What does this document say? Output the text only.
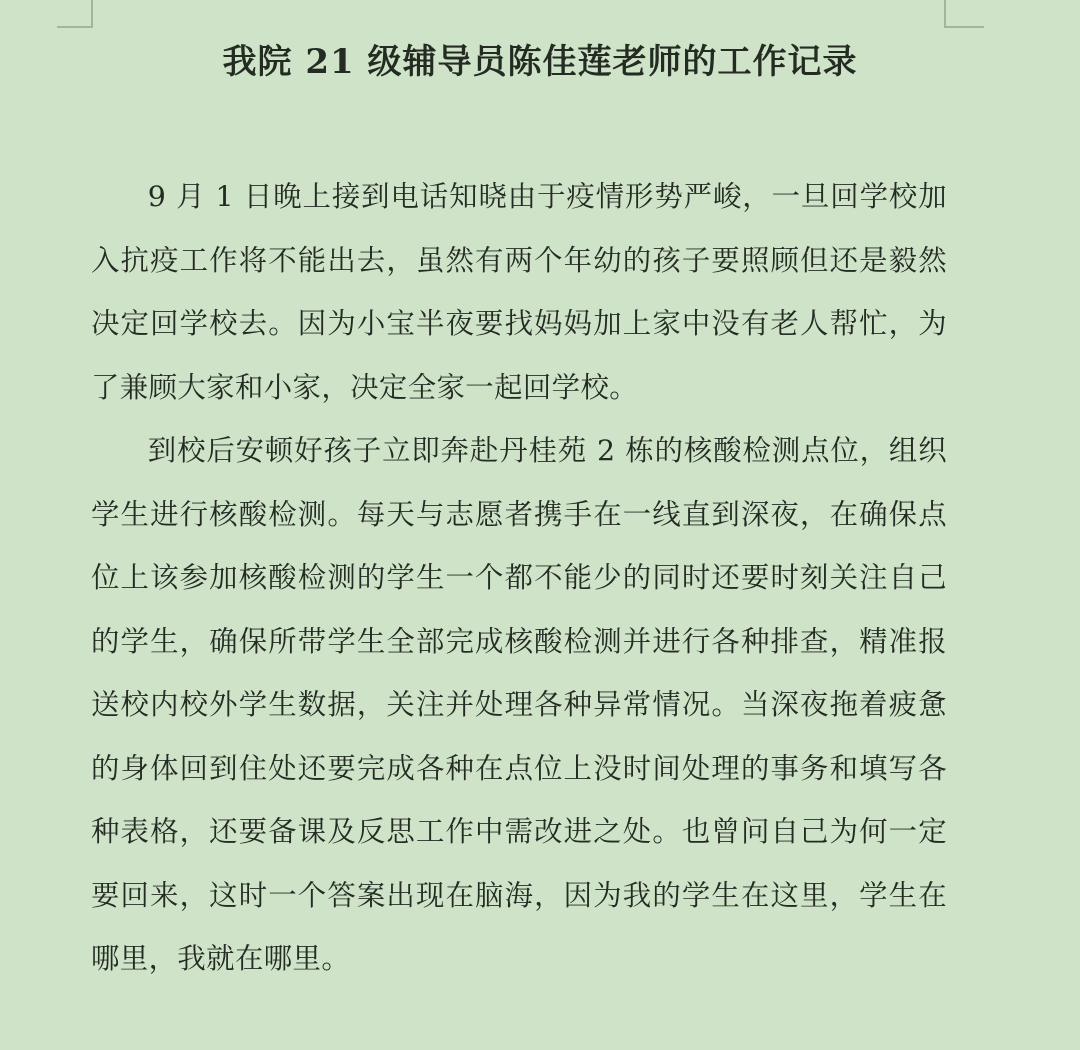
我院 21 级辅导员陈佳莲老师的工作记录

9 月 1 日晚上接到电话知晓由于疫情形势严峻，一旦回学校加入抗疫工作将不能出去，虽然有两个年幼的孩子要照顾但还是毅然决定回学校去。因为小宝半夜要找妈妈加上家中没有老人帮忙，为了兼顾大家和小家，决定全家一起回学校。

到校后安顿好孩子立即奔赴丹桂苑 2 栋的核酸检测点位，组织学生进行核酸检测。每天与志愿者携手在一线直到深夜，在确保点位上该参加核酸检测的学生一个都不能少的同时还要时刻关注自己的学生，确保所带学生全部完成核酸检测并进行各种排查，精准报送校内校外学生数据，关注并处理各种异常情况。当深夜拖着疲惫的身体回到住处还要完成各种在点位上没时间处理的事务和填写各种表格，还要备课及反思工作中需改进之处。也曾问自己为何一定要回来，这时一个答案出现在脑海，因为我的学生在这里，学生在哪里，我就在哪里。
